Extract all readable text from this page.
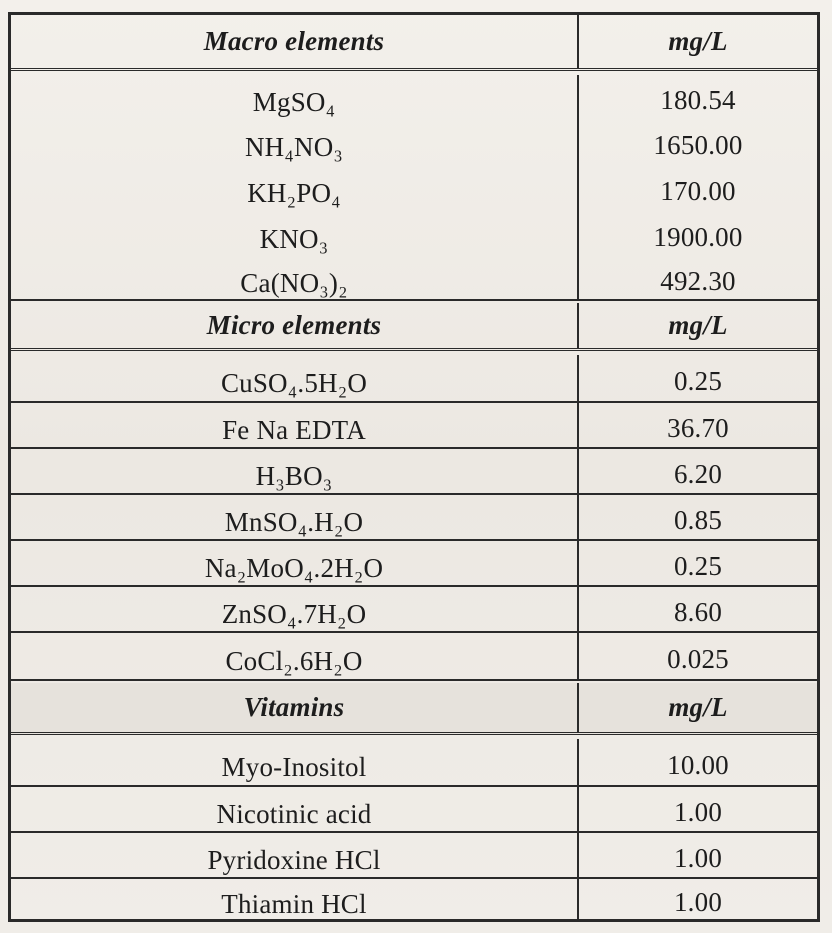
Macro elements	mg/L
MgSO₄	180.54
NH₄NO₃	1650.00
KH₂PO₄	170.00
KNO₃	1900.00
Ca(NO₃)₂	492.30
Micro elements	mg/L
CuSO₄.5H₂O	0.25
Fe Na EDTA	36.70
H₃BO₃	6.20
MnSO₄.H₂O	0.85
Na₂MoO₄.2H₂O	0.25
ZnSO₄.7H₂O	8.60
CoCl₂.6H₂O	0.025
Vitamins	mg/L
Myo-Inositol	10.00
Nicotinic acid	1.00
Pyridoxine HCl	1.00
Thiamin HCl	1.00
